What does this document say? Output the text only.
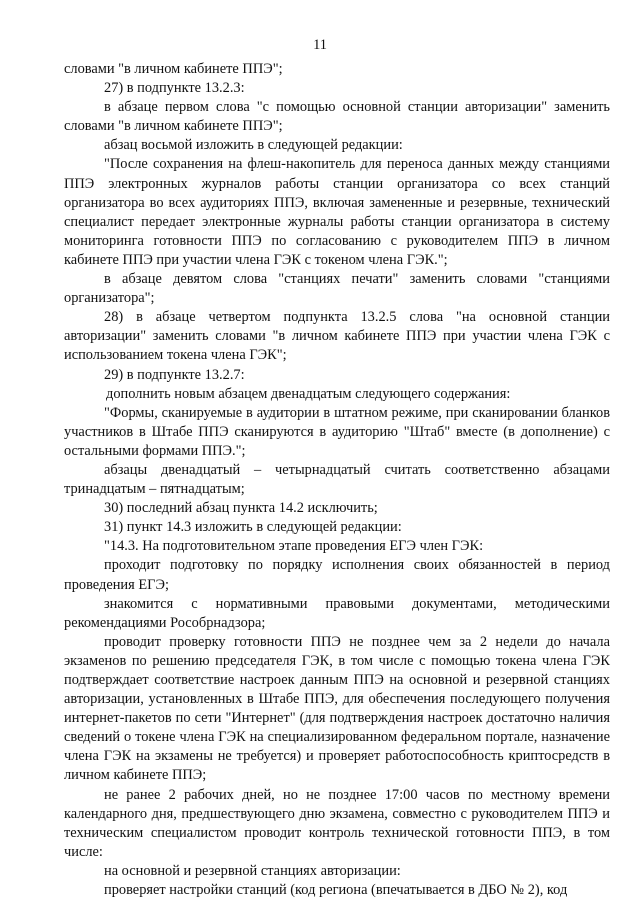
11

словами "в личном кабинете ППЭ";

27) в подпункте 13.2.3:

в абзаце первом слова "с помощью основной станции авторизации" заменить словами "в личном кабинете ППЭ";

абзац восьмой изложить в следующей редакции:

"После сохранения на флеш-накопитель для переноса данных между станциями ППЭ электронных журналов работы станции организатора со всех станций организатора во всех аудиториях ППЭ, включая замененные и резервные, технический специалист передает электронные журналы работы станции организатора в систему мониторинга готовности ППЭ по согласованию с руководителем ППЭ в личном кабинете ППЭ при участии члена ГЭК с токеном члена ГЭК.";

в абзаце девятом слова "станциях печати" заменить словами "станциями организатора";

28) в абзаце четвертом подпункта 13.2.5 слова "на основной станции авторизации" заменить словами "в личном кабинете ППЭ при участии члена ГЭК с использованием токена члена ГЭК";

29) в подпункте 13.2.7:

дополнить новым абзацем двенадцатым следующего содержания:

"Формы, сканируемые в аудитории в штатном режиме, при сканировании бланков участников в Штабе ППЭ сканируются в аудиторию "Штаб" вместе (в дополнение) с остальными формами ППЭ.";

абзацы двенадцатый – четырнадцатый считать соответственно абзацами тринадцатым – пятнадцатым;

30) последний абзац пункта 14.2 исключить;

31) пункт 14.3 изложить в следующей редакции:

"14.3. На подготовительном этапе проведения ЕГЭ член ГЭК:

проходит подготовку по порядку исполнения своих обязанностей в период проведения ЕГЭ;

знакомится с нормативными правовыми документами, методическими рекомендациями Рособрнадзора;

проводит проверку готовности ППЭ не позднее чем за 2 недели до начала экзаменов по решению председателя ГЭК, в том числе с помощью токена члена ГЭК подтверждает соответствие настроек данным ППЭ на основной и резервной станциях авторизации, установленных в Штабе ППЭ, для обеспечения последующего получения интернет-пакетов по сети "Интернет" (для подтверждения настроек достаточно наличия сведений о токене члена ГЭК на специализированном федеральном портале, назначение члена ГЭК на экзамены не требуется) и проверяет работоспособность криптосредств в личном кабинете ППЭ;

не ранее 2 рабочих дней, но не позднее 17:00 часов по местному времени календарного дня, предшествующего дню экзамена, совместно с руководителем ППЭ и техническим специалистом проводит контроль технической готовности ППЭ, в том числе:

на основной и резервной станциях авторизации:

проверяет настройки станций (код региона (впечатывается в ДБО № 2), код
